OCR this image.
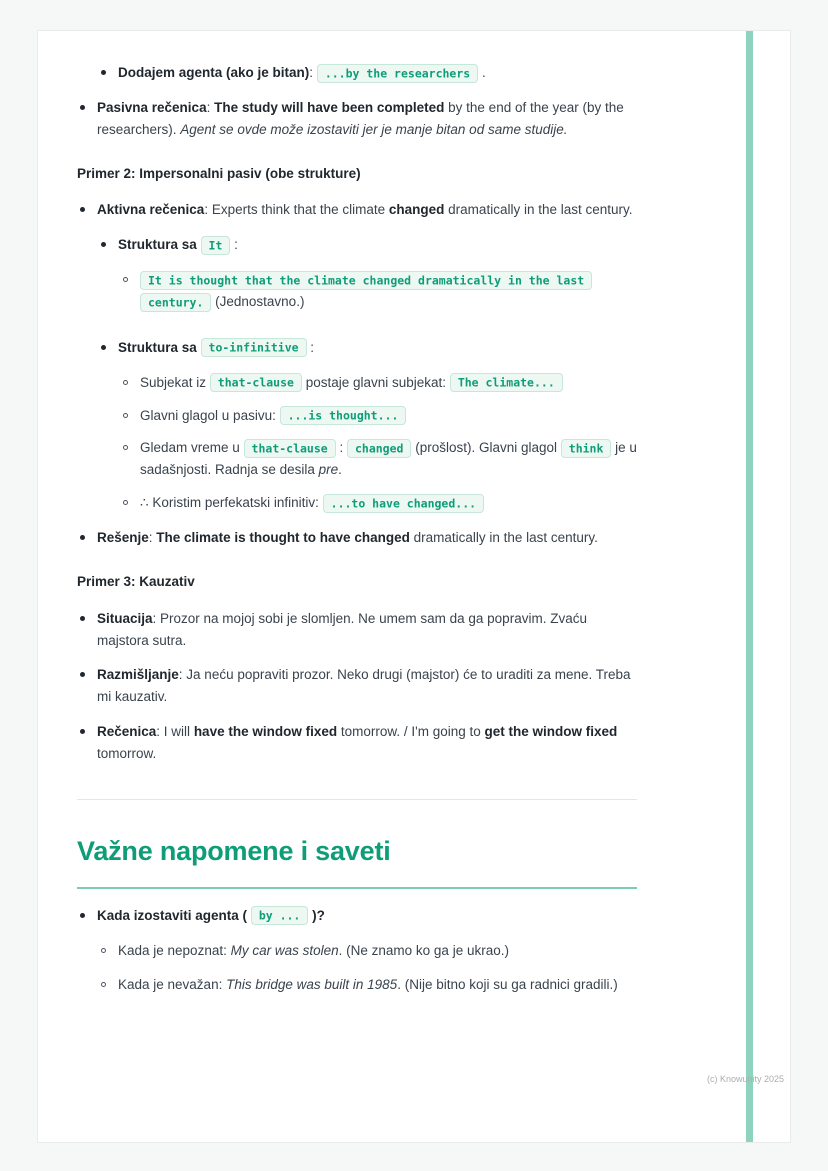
Dodajem agenta (ako je bitan): ...by the researchers .
Pasivna rečenica: The study will have been completed by the end of the year (by the researchers). Agent se ovde može izostaviti jer je manje bitan od same studije.

Primer 2: Impersonalni pasiv (obe strukture)

Aktivna rečenica: Experts think that the climate changed dramatically in the last century.
Struktura sa It :
It is thought that the climate changed dramatically in the last century. (Jednostavno.)
Struktura sa to-infinitive :
Subjekat iz that-clause postaje glavni subjekat: The climate...
Glavni glagol u pasivu: ...is thought...
Gledam vreme u that-clause : changed (prošlost). Glavni glagol think je u sadašnjosti. Radnja se desila pre.
∴ Koristim perfekatski infinitiv: ...to have changed...
Rešenje: The climate is thought to have changed dramatically in the last century.

Primer 3: Kauzativ

Situacija: Prozor na mojoj sobi je slomljen. Ne umem sam da ga popravim. Zvaću majstora sutra.
Razmišljanje: Ja neću popraviti prozor. Neko drugi (majstor) će to uraditi za mene. Treba mi kauzativ.
Rečenica: I will have the window fixed tomorrow. / I'm going to get the window fixed tomorrow.
Važne napomene i saveti
Kada izostaviti agenta ( by ... )?
Kada je nepoznat: My car was stolen. (Ne znamo ko ga je ukrao.)
Kada je nevažan: This bridge was built in 1985. (Nije bitno koji su ga radnici gradili.)
(c) Knowunity 2025
